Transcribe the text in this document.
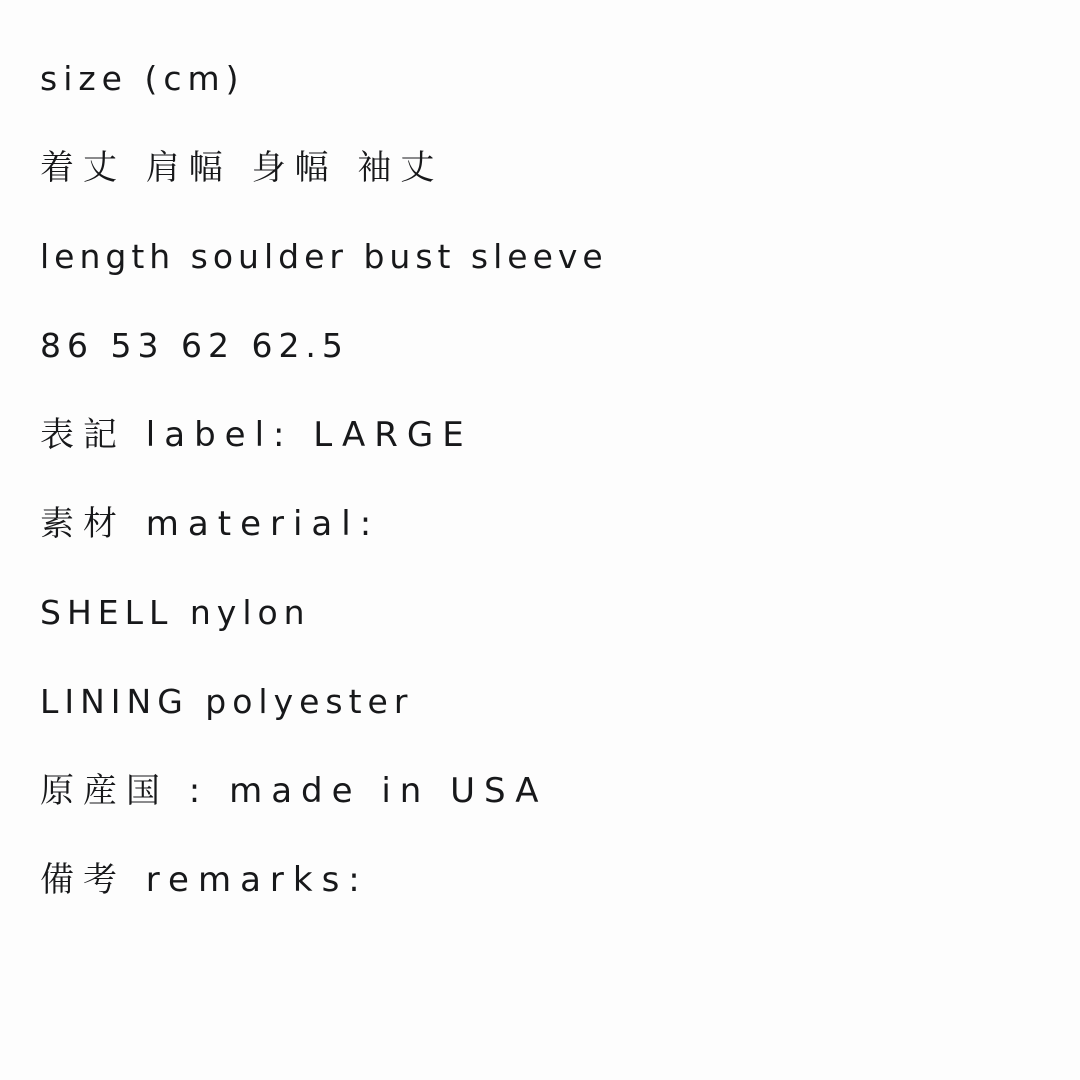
size (cm)
着丈 肩幅 身幅 袖丈
length soulder bust sleeve
86 53 62 62.5
表記 label: LARGE
素材 material:
SHELL nylon
LINING polyester
原産国 : made in USA
備考 remarks:
